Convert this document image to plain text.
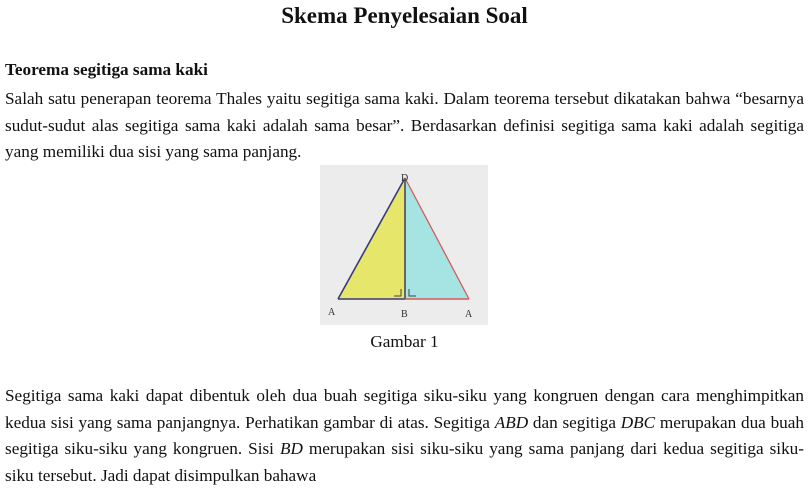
Skema Penyelesaian Soal
Teorema segitiga sama kaki
Salah satu penerapan teorema Thales yaitu segitiga sama kaki. Dalam teorema tersebut dikatakan bahwa “besarnya sudut-sudut alas segitiga sama kaki adalah sama besar”. Berdasarkan definisi segitiga sama kaki adalah segitiga yang memiliki dua sisi yang sama panjang.
D
A	B	A
Gambar 1
Segitiga sama kaki dapat dibentuk oleh dua buah segitiga siku-siku yang kongruen dengan cara menghimpitkan kedua sisi yang sama panjangnya. Perhatikan gambar di atas. Segitiga ABD dan segitiga DBC merupakan dua buah segitiga siku-siku yang kongruen. Sisi BD merupakan sisi siku-siku yang sama panjang dari kedua segitiga siku-siku tersebut. Jadi dapat disimpulkan bahawa
